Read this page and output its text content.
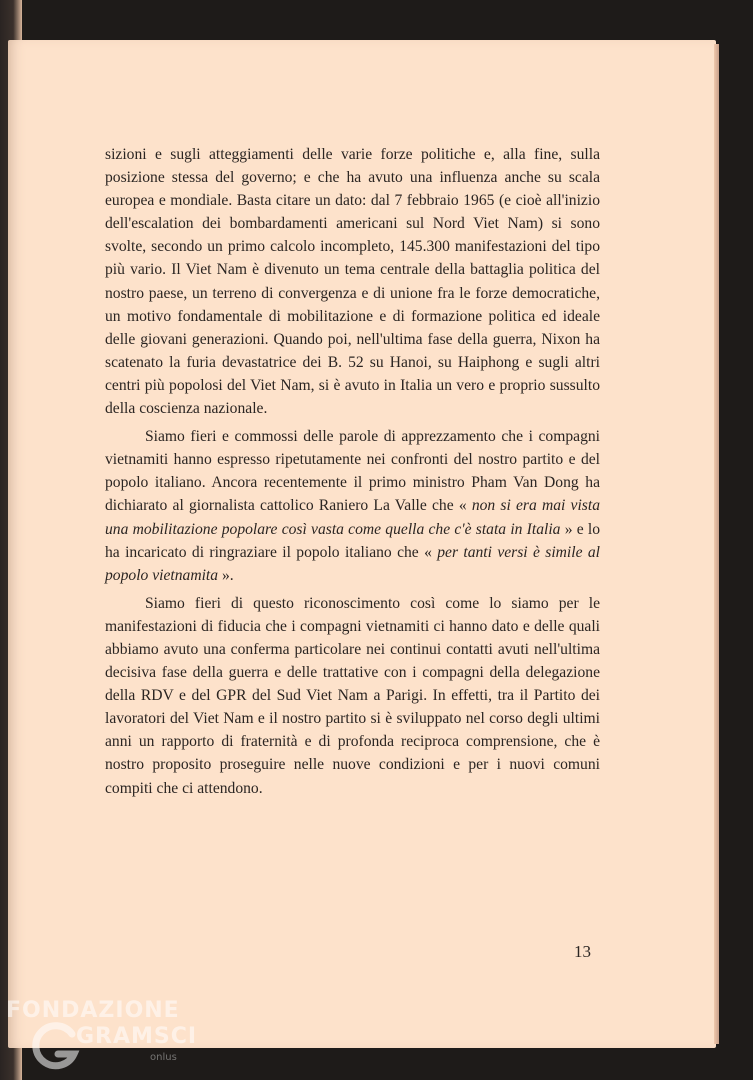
sizioni e sugli atteggiamenti delle varie forze politiche e, alla fine, sulla posizione stessa del governo; e che ha avuto una influenza anche su scala europea e mondiale. Basta citare un dato: dal 7 febbraio 1965 (e cioè all'inizio dell'escalation dei bombardamenti americani sul Nord Viet Nam) si sono svolte, secondo un primo calcolo incompleto, 145.300 manifestazioni del tipo più vario. Il Viet Nam è divenuto un tema centrale della battaglia politica del nostro paese, un terreno di convergenza e di unione fra le forze democratiche, un motivo fondamentale di mobilitazione e di formazione politica ed ideale delle giovani generazioni. Quando poi, nell'ultima fase della guerra, Nixon ha scatenato la furia devastatrice dei B. 52 su Hanoi, su Haiphong e sugli altri centri più popolosi del Viet Nam, si è avuto in Italia un vero e proprio sussulto della coscienza nazionale.

Siamo fieri e commossi delle parole di apprezzamento che i compagni vietnamiti hanno espresso ripetutamente nei confronti del nostro partito e del popolo italiano. Ancora recentemente il primo ministro Pham Van Dong ha dichiarato al giornalista cattolico Raniero La Valle che « non si era mai vista una mobilitazione popolare così vasta come quella che c'è stata in Italia » e lo ha incaricato di ringraziare il popolo italiano che « per tanti versi è simile al popolo vietnamita ».

Siamo fieri di questo riconoscimento così come lo siamo per le manifestazioni di fiducia che i compagni vietnamiti ci hanno dato e delle quali abbiamo avuto una conferma particolare nei continui contatti avuti nell'ultima decisiva fase della guerra e delle trattative con i compagni della delegazione della RDV e del GPR del Sud Viet Nam a Parigi. In effetti, tra il Partito dei lavoratori del Viet Nam e il nostro partito si è sviluppato nel corso degli ultimi anni un rapporto di fraternità e di profonda reciproca comprensione, che è nostro proposito proseguire nelle nuove condizioni e per i nuovi comuni compiti che ci attendono.

13
FONDAZIONE
GRAMSCI
onlus
